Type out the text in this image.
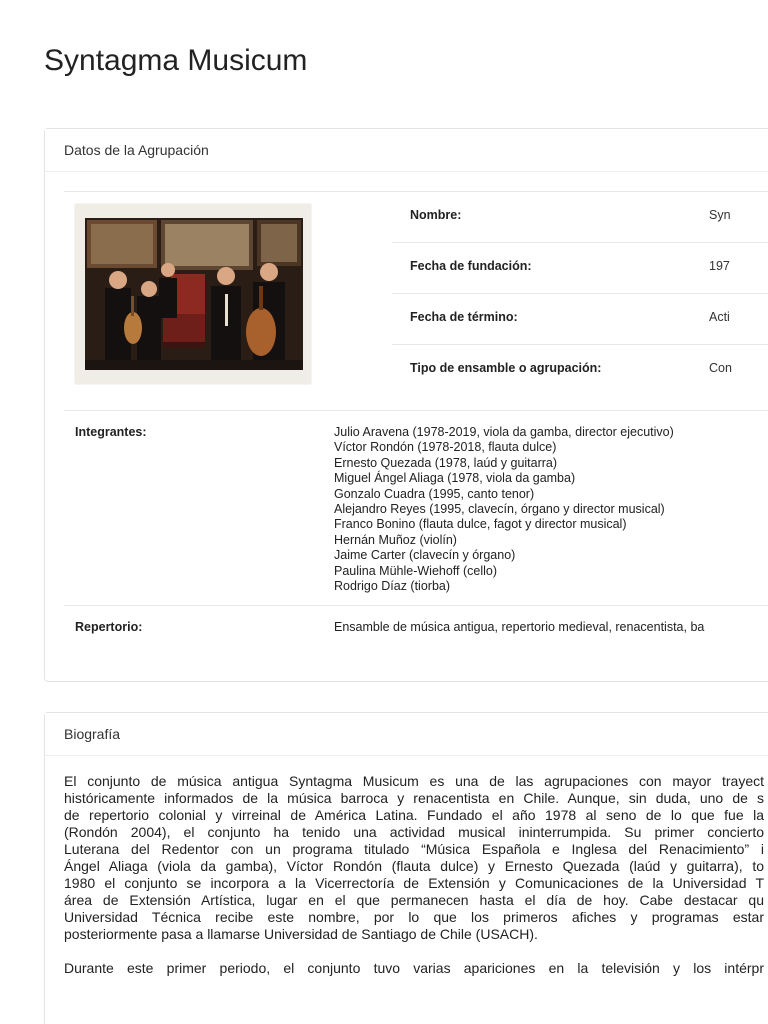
Syntagma Musicum
Datos de la Agrupación
Nombre:	Syn
Fecha de fundación:	197
Fecha de término:	Acti
Tipo de ensamble o agrupación:	Con
Integrantes:	Julio Aravena (1978-2019, viola da gamba, director ejecutivo)
Víctor Rondón (1978-2018, flauta dulce)
Ernesto Quezada (1978, laúd y guitarra)
Miguel Ángel Aliaga (1978, viola da gamba)
Gonzalo Cuadra (1995, canto tenor)
Alejandro Reyes (1995, clavecín, órgano y director musical)
Franco Bonino (flauta dulce, fagot y director musical)
Hernán Muñoz (violín)
Jaime Carter (clavecín y órgano)
Paulina Mühle-Wiehoff (cello)
Rodrigo Díaz (tiorba)
Repertorio:	Ensamble de música antigua, repertorio medieval, renacentista, ba
Biografía
El conjunto de música antigua Syntagma Musicum es una de las agrupaciones con mayor trayect
históricamente informados de la música barroca y renacentista en Chile. Aunque, sin duda, uno de s
de repertorio colonial y virreinal de América Latina. Fundado el año 1978 al seno de lo que fue la
(Rondón 2004), el conjunto ha tenido una actividad musical ininterrumpida. Su primer concierto
Luterana del Redentor con un programa titulado “Música Española e Inglesa del Renacimiento” i
Ángel Aliaga (viola da gamba), Víctor Rondón (flauta dulce) y Ernesto Quezada (laúd y guitarra), to
1980 el conjunto se incorpora a la Vicerrectoría de Extensión y Comunicaciones de la Universidad T
área de Extensión Artística, lugar en el que permanecen hasta el día de hoy. Cabe destacar qu
Universidad Técnica recibe este nombre, por lo que los primeros afiches y programas estar
posteriormente pasa a llamarse Universidad de Santiago de Chile (USACH).
Durante este primer periodo, el conjunto tuvo varias apariciones en la televisión y los intérpr
